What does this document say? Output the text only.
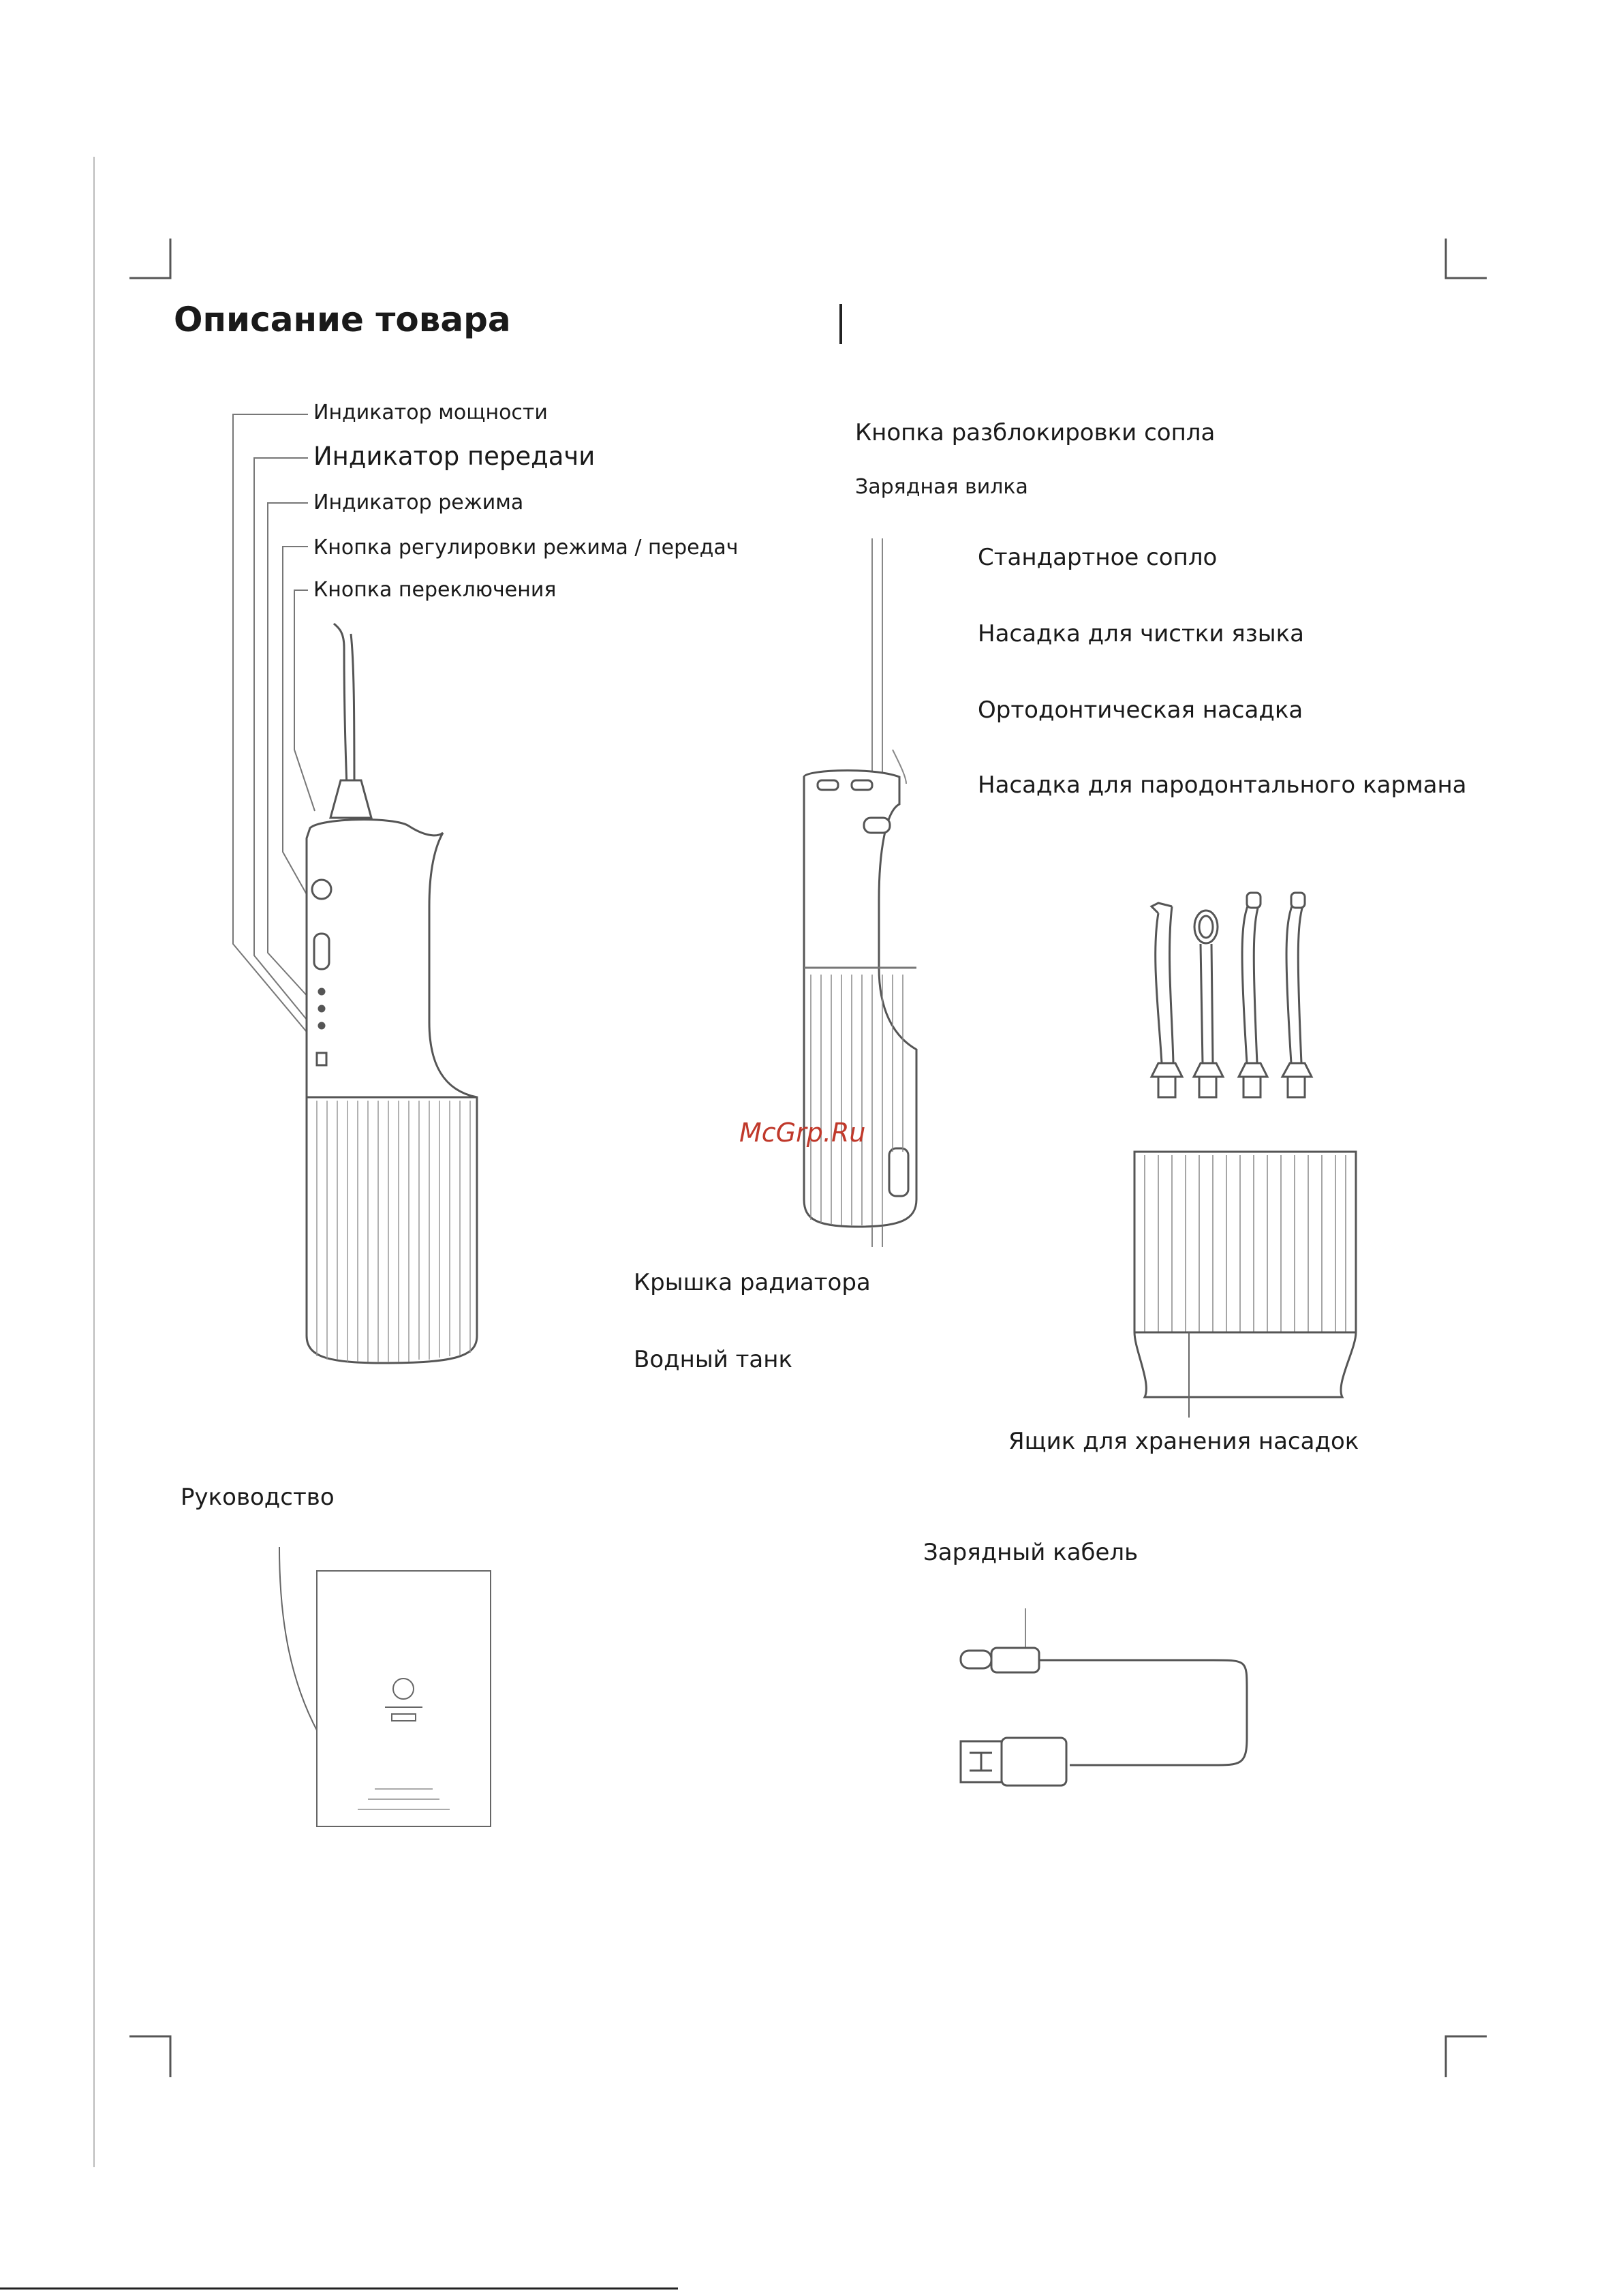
Описание товара
Индикатор мощности
Индикатор передачи
Индикатор режима
Кнопка регулировки режима / передач
Кнопка переключения
Кнопка разблокировки сопла
Зарядная вилка
Стандартное сопло
Насадка для чистки языка
Ортодонтическая насадка
Насадка для пародонтального кармана
McGrp.Ru
Крышка радиатора
Водный танк
Ящик для хранения насадок
Руководство
Зарядный кабель
